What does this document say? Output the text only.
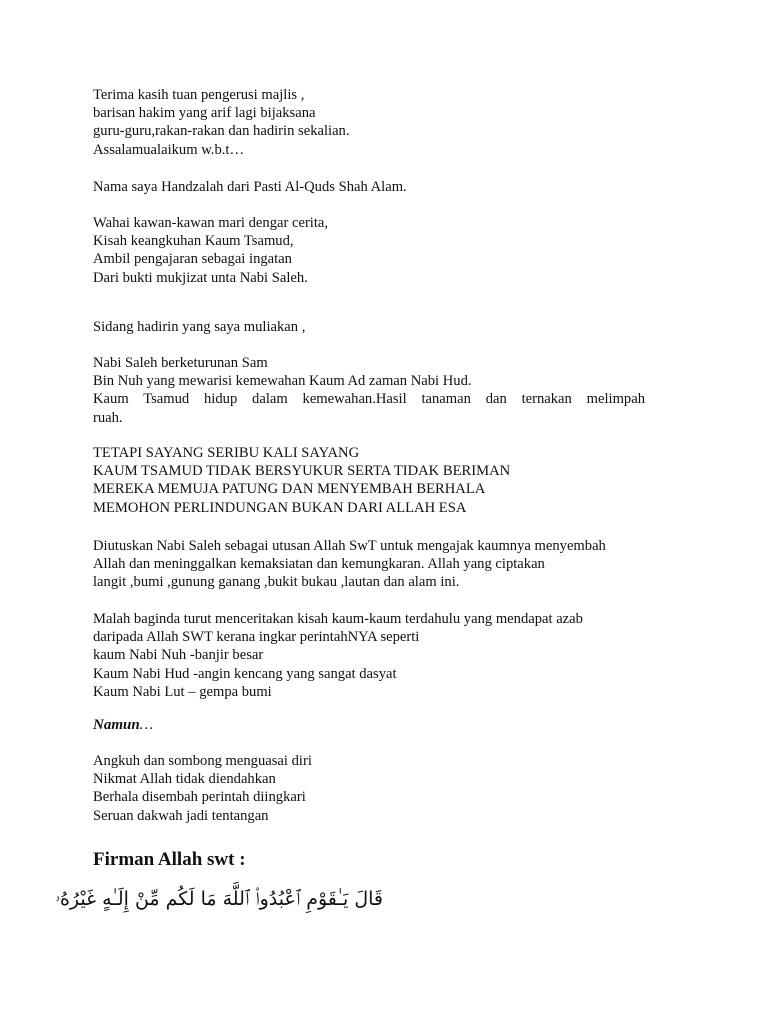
Terima kasih tuan pengerusi majlis ,
barisan hakim yang arif lagi bijaksana
guru-guru,rakan-rakan dan hadirin sekalian.
Assalamualaikum w.b.t…

Nama saya Handzalah dari Pasti Al-Quds Shah Alam.

Wahai kawan-kawan mari dengar cerita,
Kisah keangkuhan Kaum Tsamud,
Ambil pengajaran sebagai ingatan
Dari bukti mukjizat unta Nabi Saleh.

Sidang hadirin yang saya muliakan ,

Nabi Saleh berketurunan Sam
Bin Nuh yang mewarisi kemewahan Kaum Ad zaman Nabi Hud.
Kaum Tsamud hidup dalam kemewahan.Hasil tanaman dan ternakan melimpah
ruah.

TETAPI SAYANG SERIBU KALI SAYANG
KAUM TSAMUD TIDAK BERSYUKUR SERTA TIDAK BERIMAN
MEREKA MEMUJA PATUNG DAN MENYEMBAH BERHALA
MEMOHON PERLINDUNGAN BUKAN DARI ALLAH ESA

Diutuskan Nabi Saleh sebagai utusan Allah SwT untuk mengajak kaumnya menyembah
Allah dan meninggalkan kemaksiatan dan kemungkaran. Allah yang ciptakan
langit ,bumi ,gunung ganang ,bukit bukau ,lautan dan alam ini.

Malah baginda turut menceritakan kisah kaum-kaum terdahulu yang mendapat azab
daripada Allah SWT kerana ingkar perintahNYA seperti
kaum Nabi Nuh -banjir besar
Kaum Nabi Hud -angin kencang yang sangat dasyat
Kaum Nabi Lut – gempa bumi

Namun…

Angkuh dan sombong menguasai diri
Nikmat Allah tidak diendahkan
Berhala disembah perintah diingkari
Seruan dakwah jadi tentangan

Firman Allah swt :

قَالَ يَـٰقَوْمِ ٱعْبُدُوا۟ ٱللَّهَ مَا لَكُم مِّنْ إِلَـٰهٍ غَيْرُهُۥ
